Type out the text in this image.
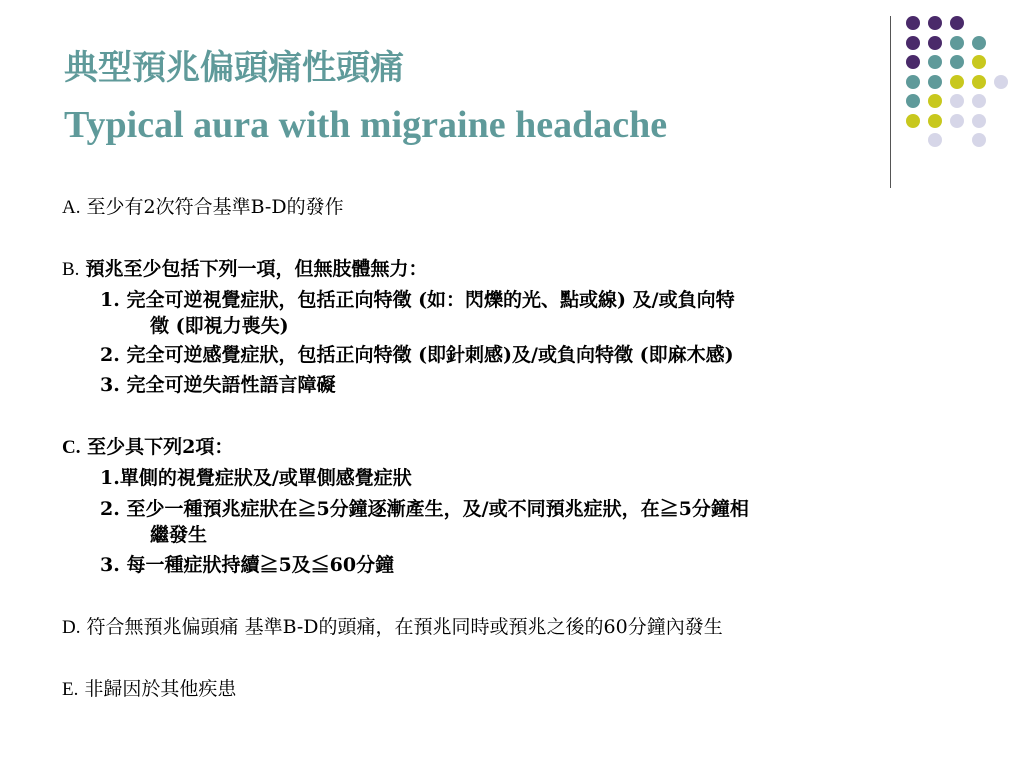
典型預兆偏頭痛性頭痛
Typical aura with migraine headache
A. 至少有2次符合基準B-D的發作
B. 預兆至少包括下列一項，但無肢體無力：
1. 完全可逆視覺症狀，包括正向特徵 (如：閃爍的光、點或線) 及/或負向特
徵 (即視力喪失)
2. 完全可逆感覺症狀，包括正向特徵 (即針刺感)及/或負向特徵 (即麻木感)
3. 完全可逆失語性語言障礙
C. 至少具下列2項：
1.單側的視覺症狀及/或單側感覺症狀
2. 至少一種預兆症狀在≧5分鐘逐漸產生，及/或不同預兆症狀，在≧5分鐘相
繼發生
3. 每一種症狀持續≧5及≦60分鐘
D. 符合無預兆偏頭痛 基準B-D的頭痛，在預兆同時或預兆之後的60分鐘內發生
E. 非歸因於其他疾患
